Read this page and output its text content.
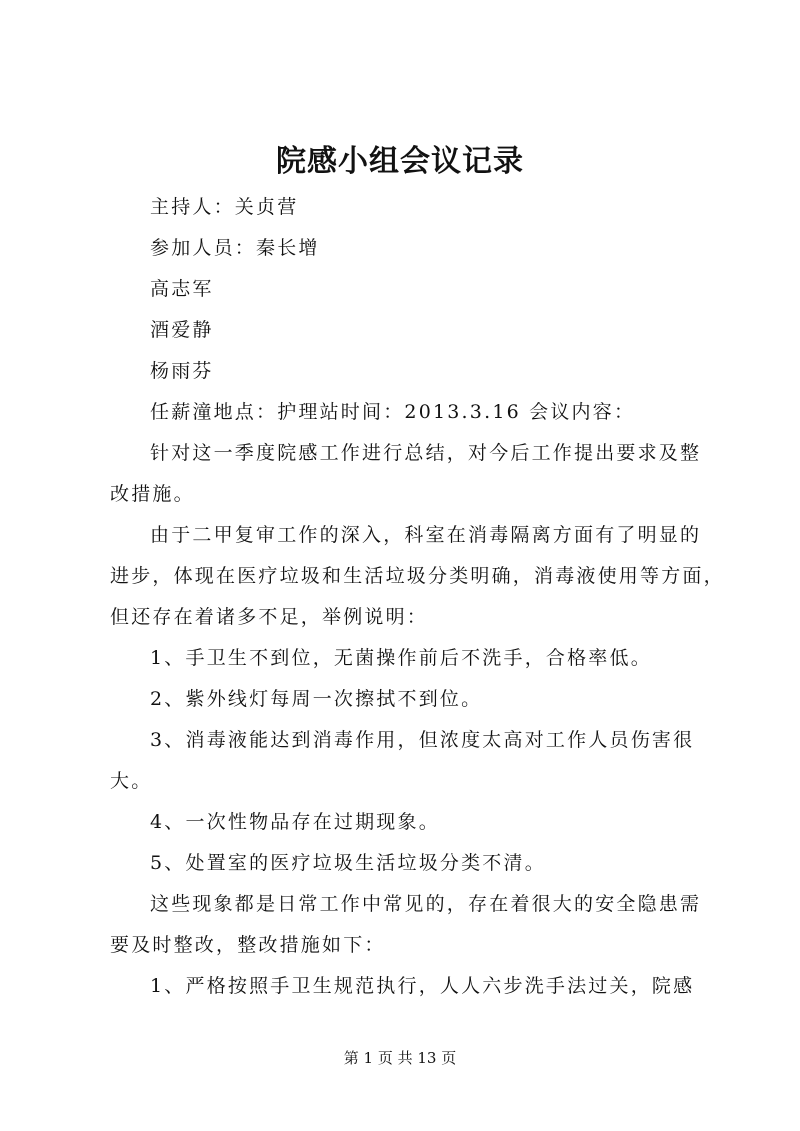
院感小组会议记录
主持人：关贞营
参加人员：秦长增
高志军
酒爱静
杨雨芬
任薪潼地点：护理站时间：2013.3.16 会议内容：
针对这一季度院感工作进行总结，对今后工作提出要求及整
改措施。
由于二甲复审工作的深入，科室在消毒隔离方面有了明显的
进步，体现在医疗垃圾和生活垃圾分类明确，消毒液使用等方面，
但还存在着诸多不足，举例说明：
1、手卫生不到位，无菌操作前后不洗手，合格率低。
2、紫外线灯每周一次擦拭不到位。
3、消毒液能达到消毒作用，但浓度太高对工作人员伤害很
大。
4、一次性物品存在过期现象。
5、处置室的医疗垃圾生活垃圾分类不清。
这些现象都是日常工作中常见的，存在着很大的安全隐患需
要及时整改，整改措施如下：
1、严格按照手卫生规范执行，人人六步洗手法过关，院感
第 1 页 共 13 页
